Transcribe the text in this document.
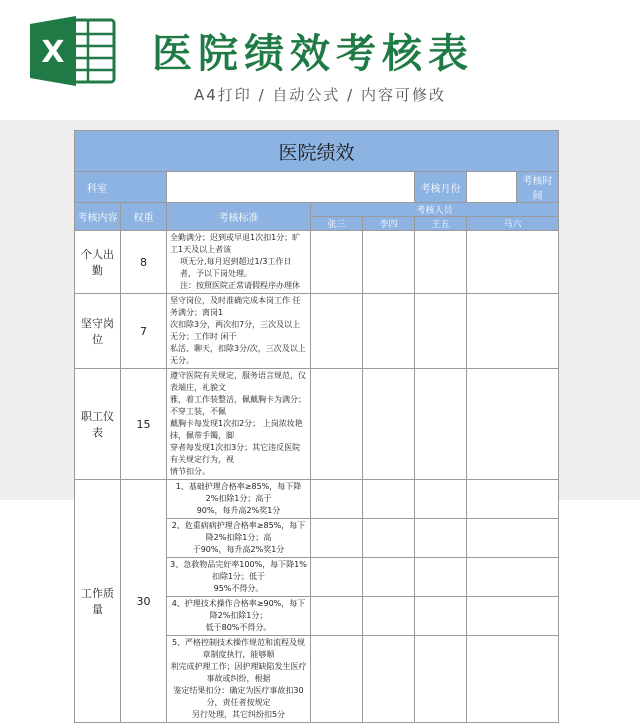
X 医院绩效考核表
A4打印 / 自动公式 / 内容可修改
医院绩效							
科室					考核月份		考核时间
考核内容	权重	考核标准	考核人员				
			张三	李四	王五	马六	
个人出勤	8	全勤满分；迟到或早退1次扣1分；旷工1天及以上者该
项无分,每月迟到超过1/3工作日者，予以下岗处理。
注：按照医院正常请假程序办理休					

坚守岗位	7	坚守岗位，及时准确完成本岗工作 任务满分；离岗1
次扣除3分，两次扣7分，三次及以上无分；工作时 闲干
私活、聊天，扣除3分/次，三次及以上无分。					

职工仪表	15	遵守医院有关规定，服务语言规范，仪表端庄，礼貌文
雅，着工作装整洁，佩戴胸卡为满分；不穿工装，不佩
戴胸卡每发现1次扣2分； 上岗浓妆艳抹，佩带手镯，脚
穿者每发现1次扣3分；其它违反医院有关规定行为，视
情节扣分。					

工作质量	30	1、基础护理合格率≥85%，每下降2%扣除1分；高于
90%，每升高2%奖1分					

		2、危重病病护理合格率≥85%，每下降2%扣除1分；高
于90%，每升高2%奖1分					

		3、急救物品完好率100%，每下降1%扣除1分；低于
95%不得分。					

		4、护理技术操作合格率≥90%，每下降2%扣除1分；
低于80%不得分。					

		5、严格控制技术操作规范和流程及规章制度执行，能够顺
利完成护理工作；因护理缺陷发生医疗事故或纠纷，根据
鉴定结果扣分：确定为医疗事故扣30分，责任者按规定
另行处理，其它纠纷扣5分					
